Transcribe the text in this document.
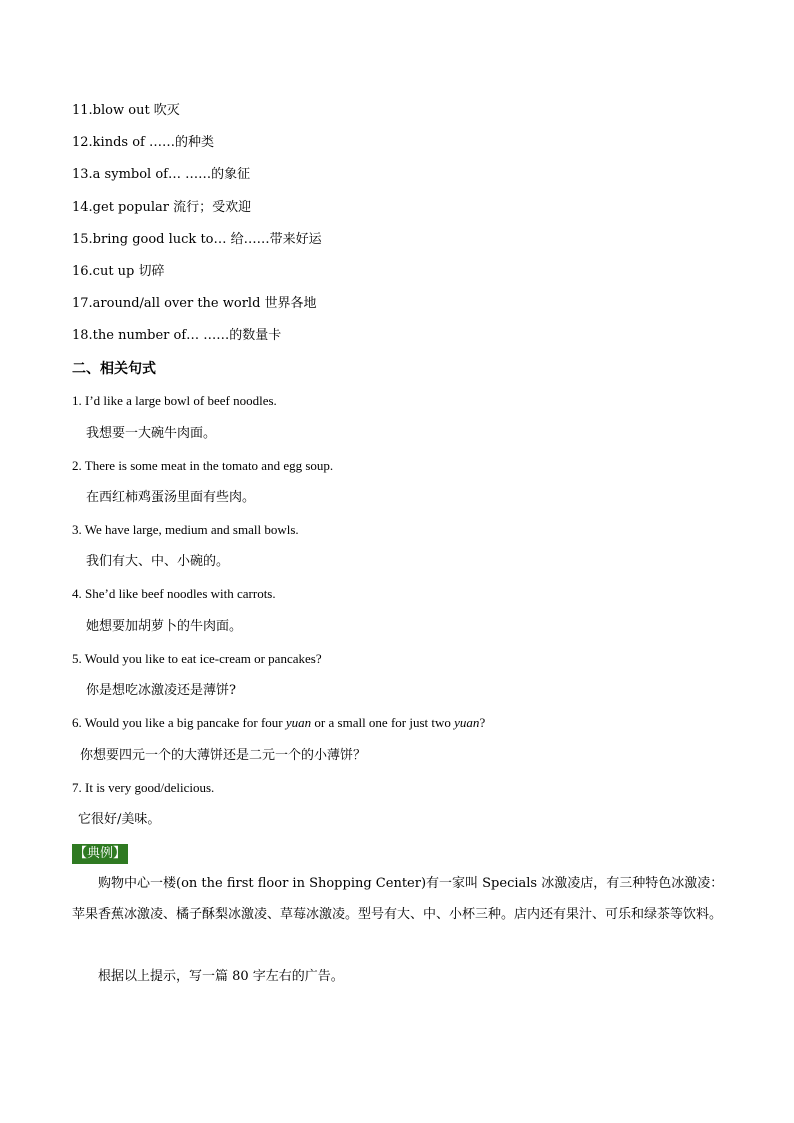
11.blow out 吹灭
12.kinds of ……的种类
13.a symbol of… ……的象征
14.get popular 流行；受欢迎
15.bring good luck to… 给……带来好运
16.cut up 切碎
17.around/all over the world 世界各地
18.the number of… ……的数量卡
二、相关句式
1. I’d like a large bowl of beef noodles.
我想要一大碗牛肉面。
2. There is some meat in the tomato and egg soup.
在西红柿鸡蛋汤里面有些肉。
3. We have large, medium and small bowls.
我们有大、中、小碗的。
4. She’d like beef noodles with carrots.
她想要加胡萝卜的牛肉面。
5. Would you like to eat ice-cream or pancakes?
你是想吃冰激凌还是薄饼?
6. Would you like a big pancake for four yuan or a small one for just two yuan?
你想要四元一个的大薄饼还是二元一个的小薄饼？
7. It is very good/delicious.
它很好/美味。
【典例】
购物中心一楼(on the first floor in Shopping Center)有一家叫 Specials 冰激凌店，有三种特色冰激凌：苹果香蕉冰激凌、橘子酥梨冰激凌、草莓冰激凌。型号有大、中、小杯三种。店内还有果汁、可乐和绿茶等饮料。
根据以上提示，写一篇 80 字左右的广告。
